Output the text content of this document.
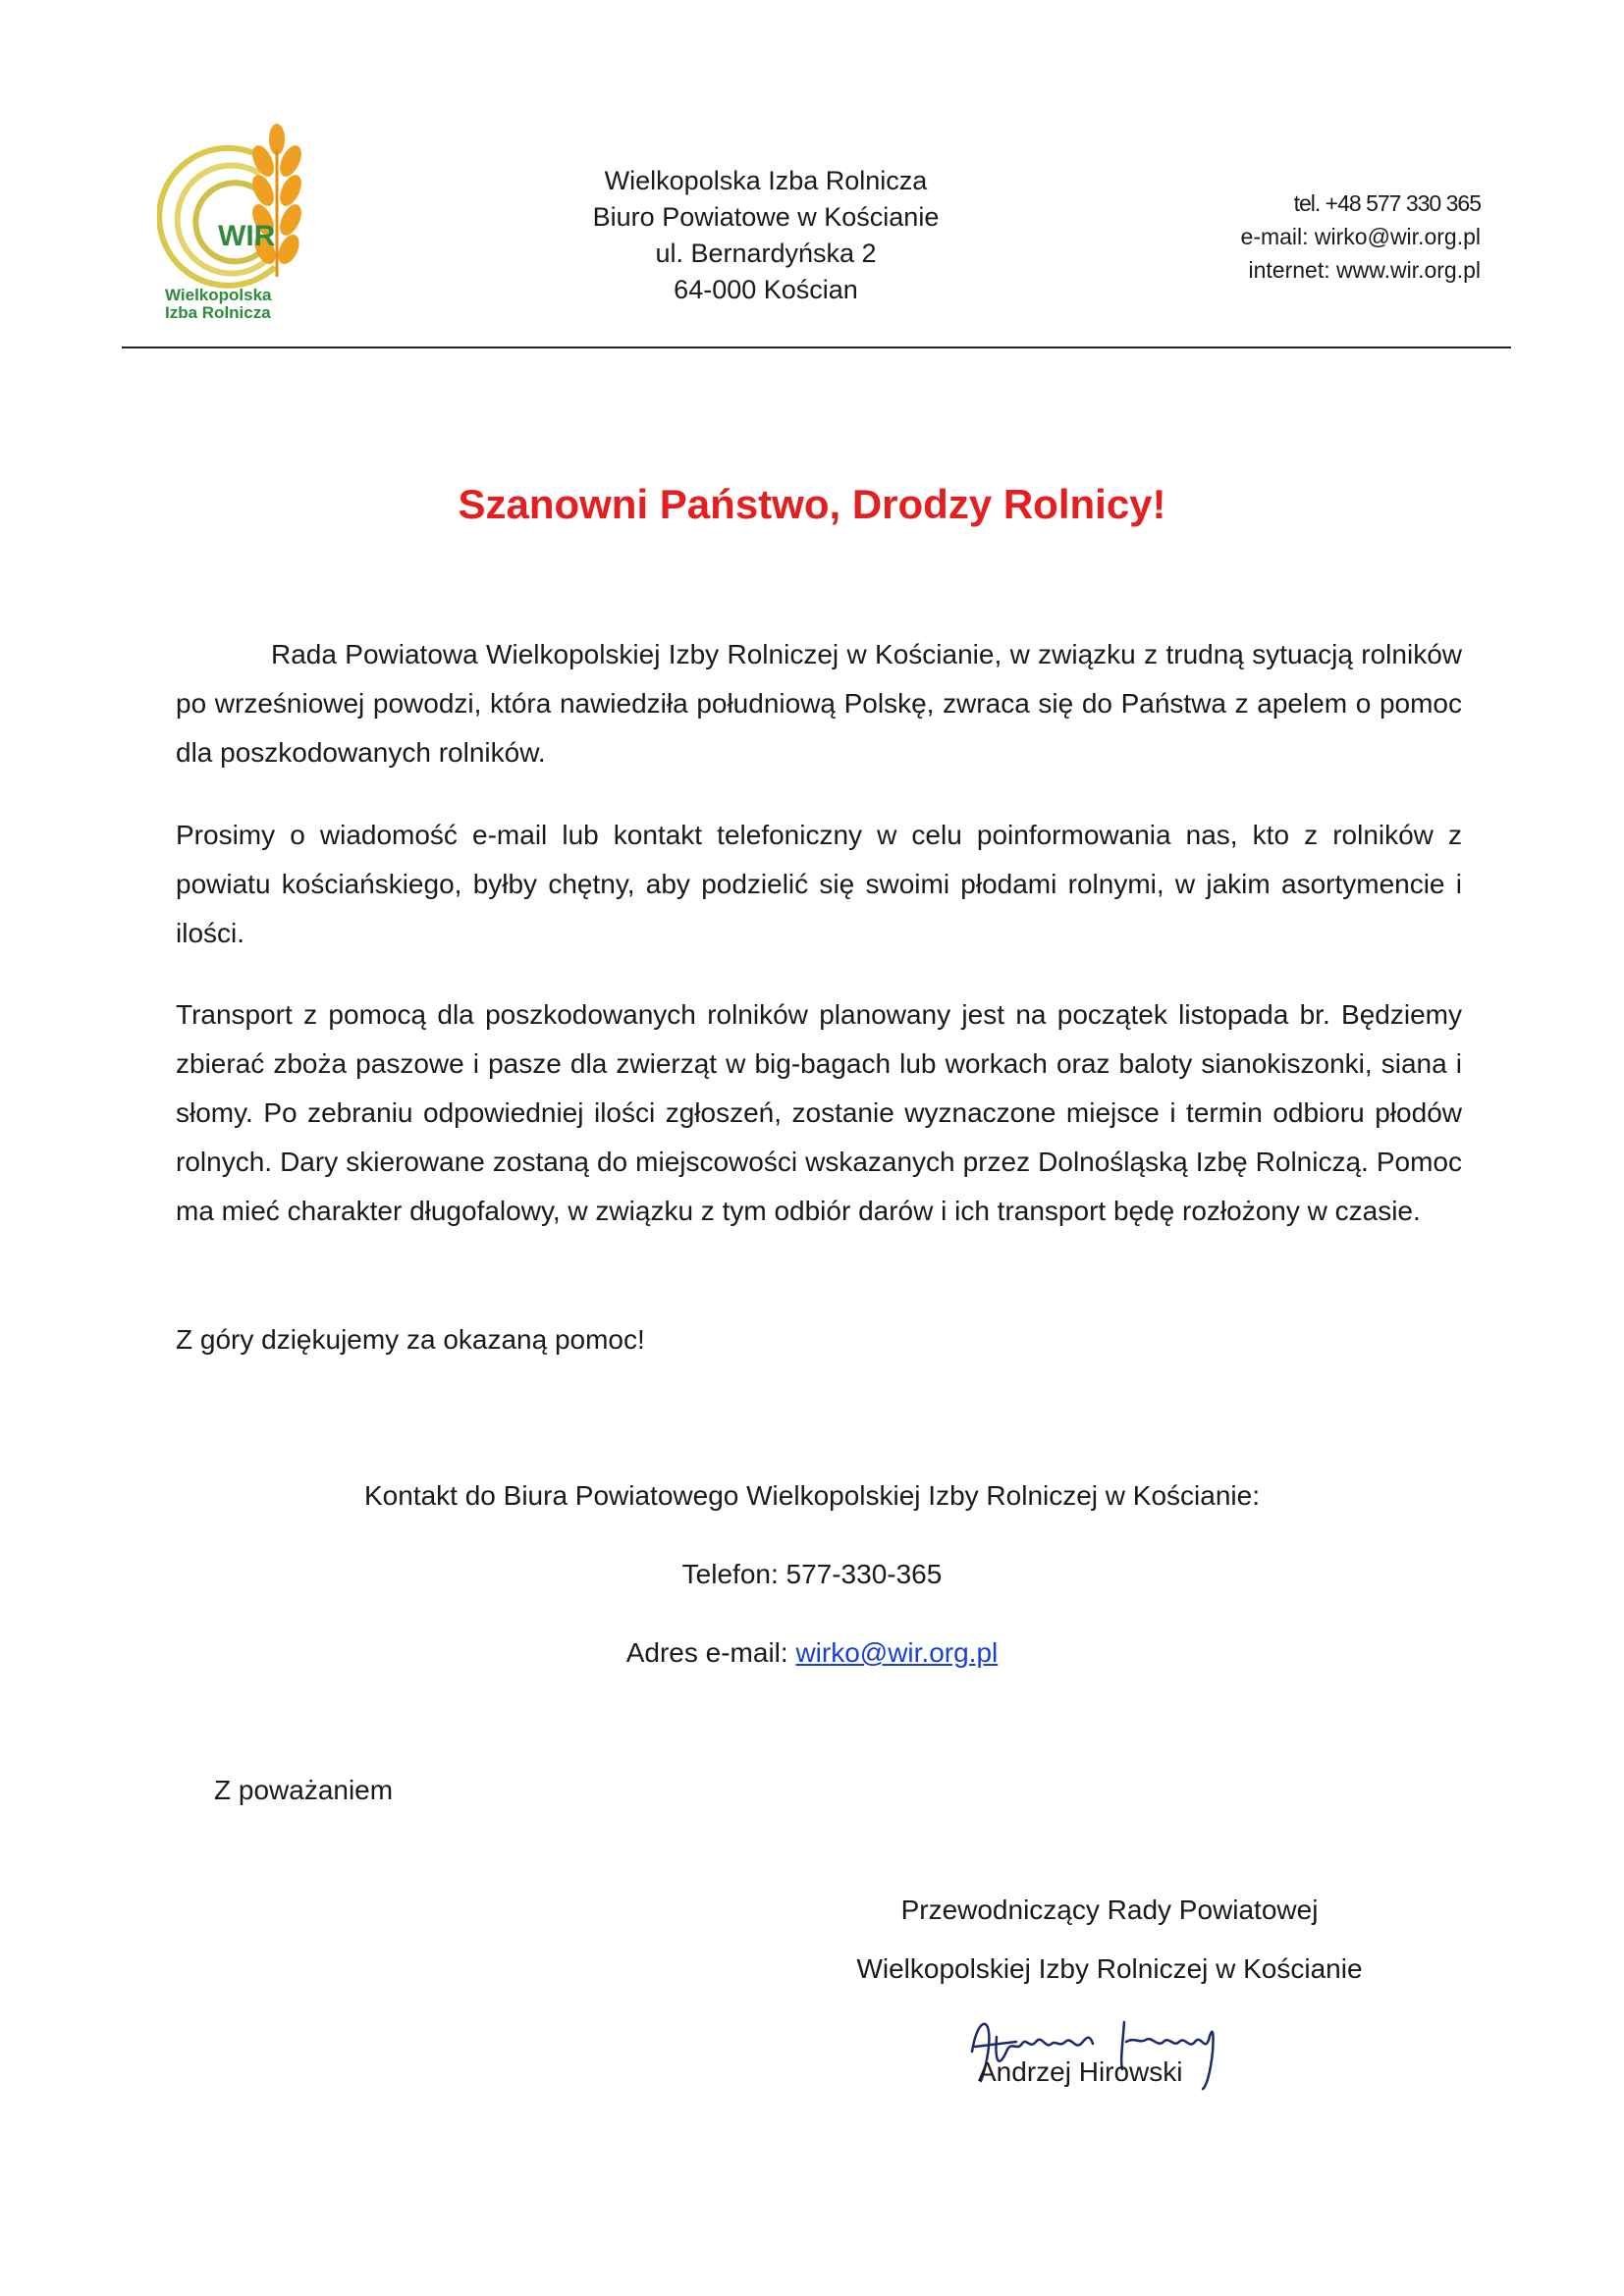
WIR
Wielkopolska
Izba Rolnicza
Wielkopolska Izba Rolnicza
Biuro Powiatowe w Kościanie
ul. Bernardyńska 2
64-000 Kościan
tel. +48 577 330 365
e-mail: wirko@wir.org.pl
internet: www.wir.org.pl
Szanowni Państwo, Drodzy Rolnicy!
Rada Powiatowa Wielkopolskiej Izby Rolniczej w Kościanie, w związku z trudną sytuacją rolników po wrześniowej powodzi, która nawiedziła południową Polskę, zwraca się do Państwa z apelem o pomoc dla poszkodowanych rolników.
Prosimy o wiadomość e-mail lub kontakt telefoniczny w celu poinformowania nas, kto z rolników z powiatu kościańskiego, byłby chętny, aby podzielić się swoimi płodami rolnymi, w jakim asortymencie i ilości.
Transport z pomocą dla poszkodowanych rolników planowany jest na początek listopada br. Będziemy zbierać zboża paszowe i pasze dla zwierząt w big-bagach lub workach oraz baloty sianokiszonki, siana i słomy. Po zebraniu odpowiedniej ilości zgłoszeń, zostanie wyznaczone miejsce i termin odbioru płodów rolnych. Dary skierowane zostaną do miejscowości wskazanych przez Dolnośląską Izbę Rolniczą. Pomoc ma mieć charakter długofalowy, w związku z tym odbiór darów i ich transport będę rozłożony w czasie.
Z góry dziękujemy za okazaną pomoc!
Kontakt do Biura Powiatowego Wielkopolskiej Izby Rolniczej w Kościanie:
Telefon: 577-330-365
Adres e-mail: wirko@wir.org.pl
Z poważaniem
Przewodniczący Rady Powiatowej
Wielkopolskiej Izby Rolniczej w Kościanie
Andrzej Hirowski
